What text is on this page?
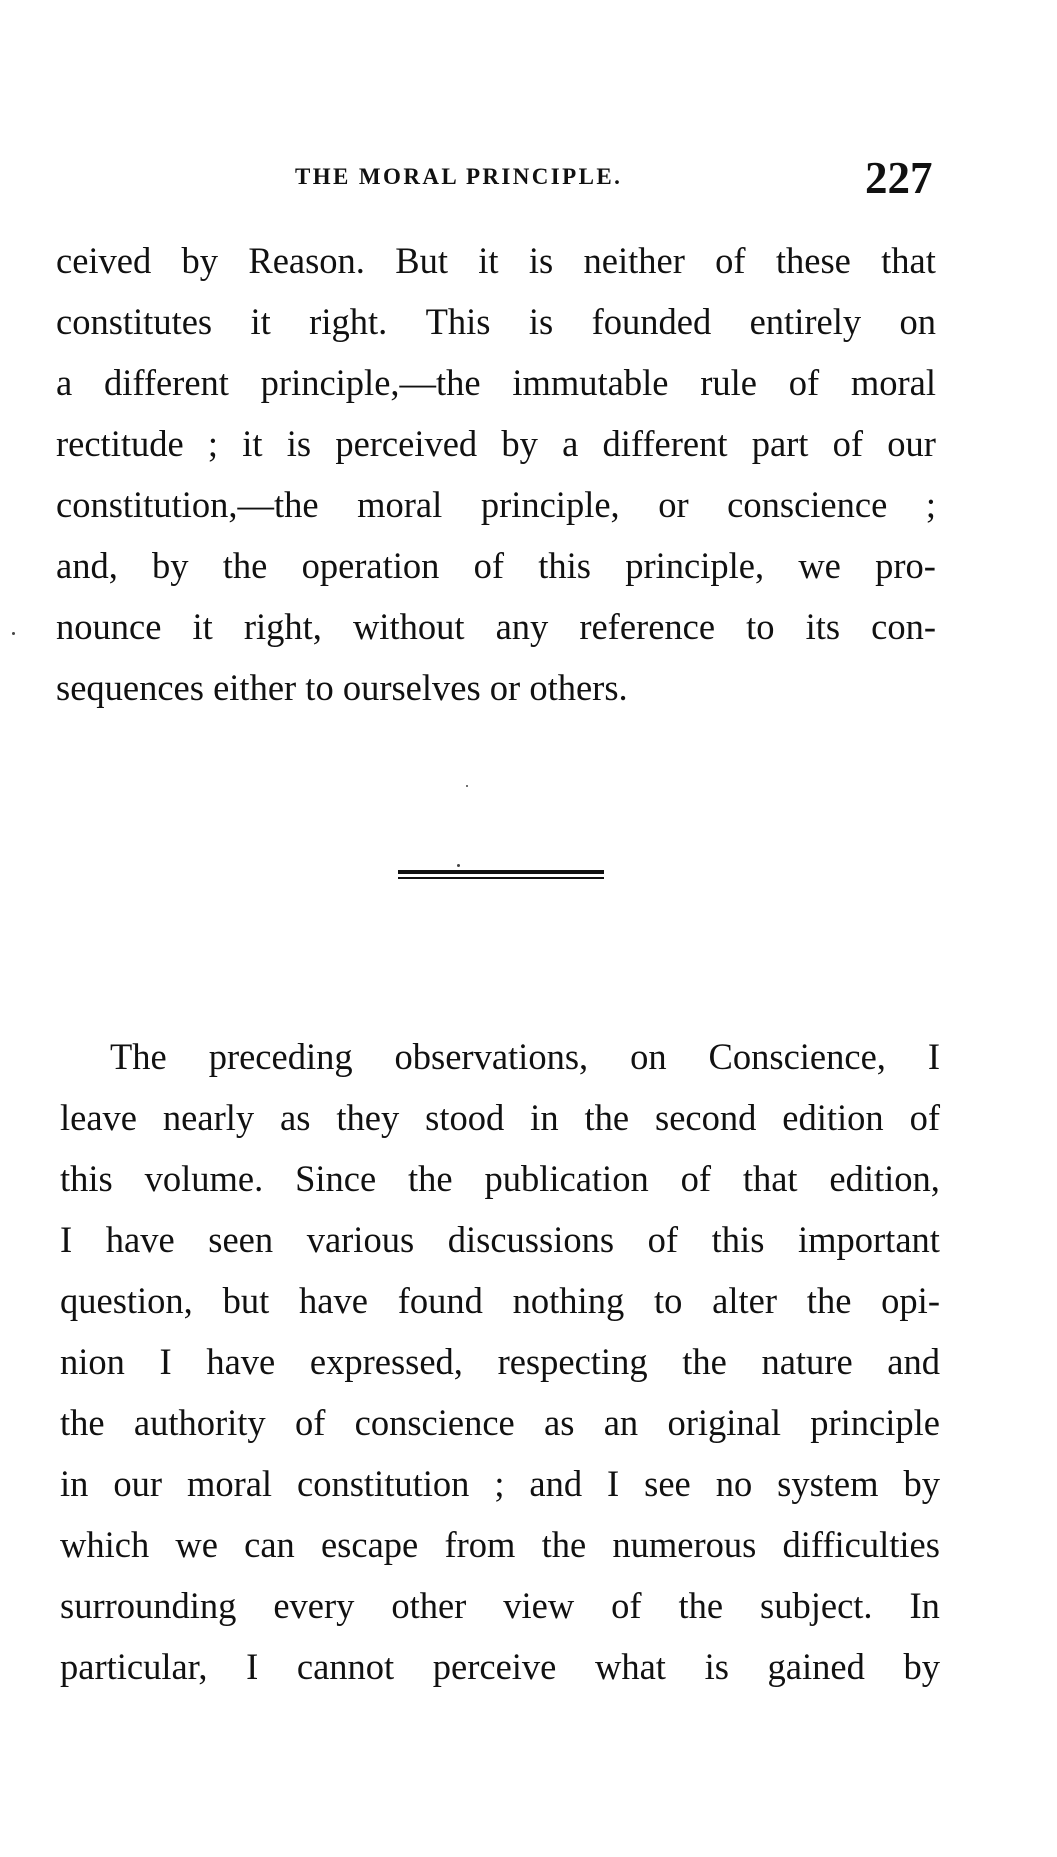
THE MORAL PRINCIPLE.	227
ceived by Reason. But it is neither of these that
constitutes it right. This is founded entirely on
a different principle,—the immutable rule of moral
rectitude ; it is perceived by a different part of our
constitution,—the moral principle, or conscience ;
and, by the operation of this principle, we pro-
nounce it right, without any reference to its con-
sequences either to ourselves or others.
The preceding observations, on Conscience, I
leave nearly as they stood in the second edition of
this volume. Since the publication of that edition,
I have seen various discussions of this important
question, but have found nothing to alter the opi-
nion I have expressed, respecting the nature and
the authority of conscience as an original principle
in our moral constitution ; and I see no system by
which we can escape from the numerous difficulties
surrounding every other view of the subject. In
particular, I cannot perceive what is gained by
